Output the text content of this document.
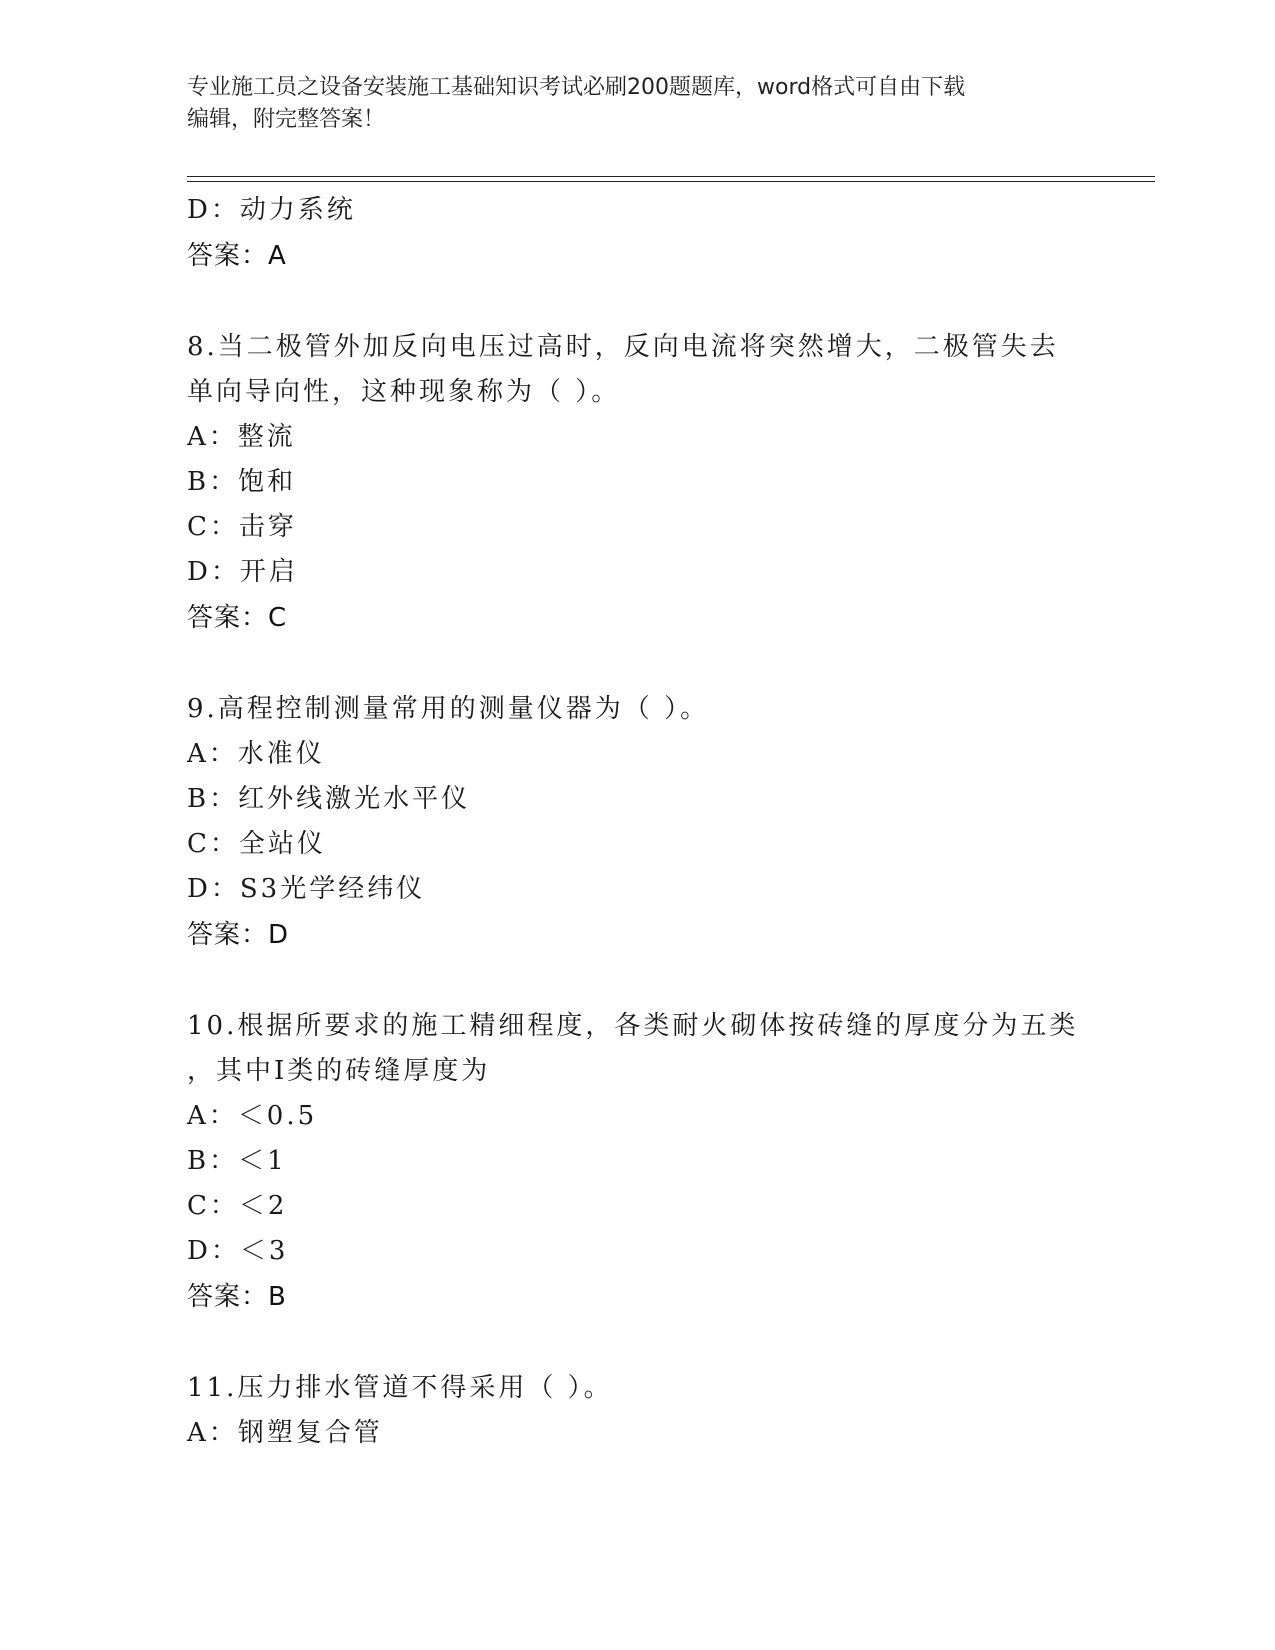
专业施工员之设备安装施工基础知识考试必刷200题题库，word格式可自由下载
编辑，附完整答案！
D：动力系统
答案：A
8.当二极管外加反向电压过高时，反向电流将突然增大，二极管失去
单向导向性，这种现象称为（ ）。
A：整流
B：饱和
C：击穿
D：开启
答案：C
9.高程控制测量常用的测量仪器为（ ）。
A：水准仪
B：红外线激光水平仪
C：全站仪
D：S3光学经纬仪
答案：D
10.根据所要求的施工精细程度，各类耐火砌体按砖缝的厚度分为五类
，其中I类的砖缝厚度为
A：＜0.5
B：＜1
C：＜2
D：＜3
答案：B
11.压力排水管道不得采用（ ）。
A：钢塑复合管
